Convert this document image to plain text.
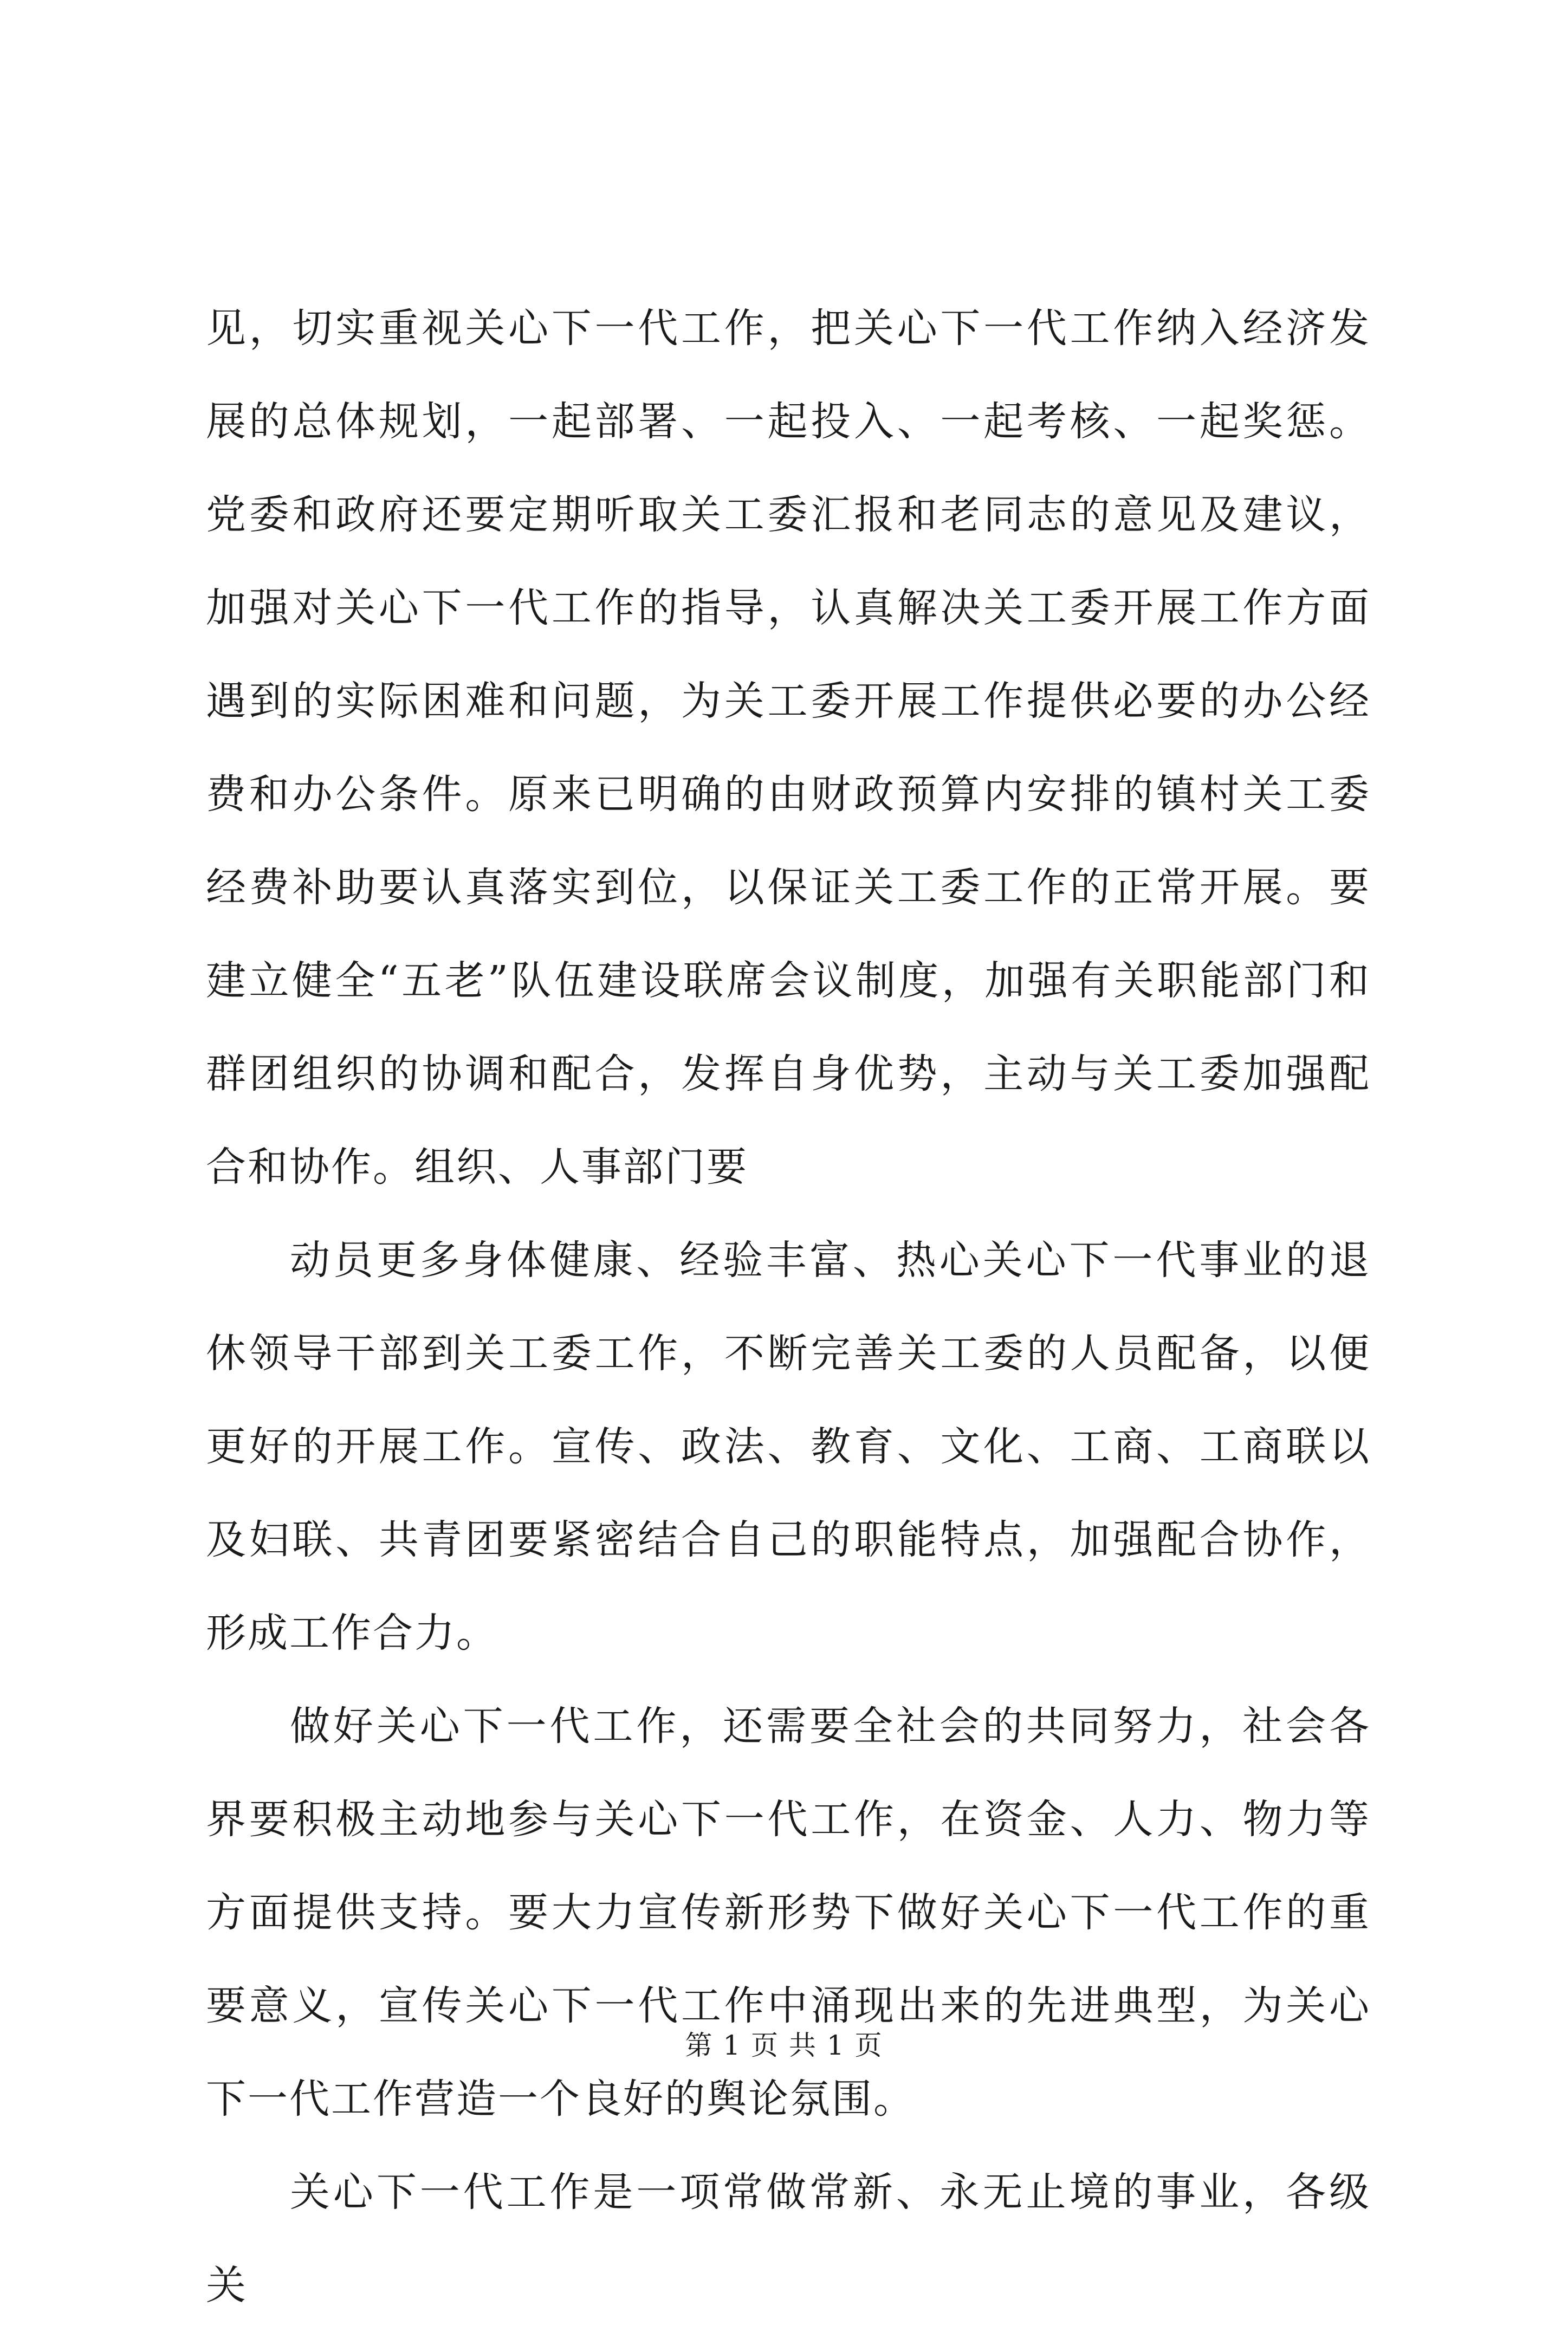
见，切实重视关心下一代工作，把关心下一代工作纳入经济发展的总体规划，一起部署、一起投入、一起考核、一起奖惩。党委和政府还要定期听取关工委汇报和老同志的意见及建议，加强对关心下一代工作的指导，认真解决关工委开展工作方面遇到的实际困难和问题，为关工委开展工作提供必要的办公经费和办公条件。原来已明确的由财政预算内安排的镇村关工委经费补助要认真落实到位，以保证关工委工作的正常开展。要建立健全“五老”队伍建设联席会议制度，加强有关职能部门和群团组织的协调和配合，发挥自身优势，主动与关工委加强配合和协作。组织、人事部门要

动员更多身体健康、经验丰富、热心关心下一代事业的退休领导干部到关工委工作，不断完善关工委的人员配备，以便更好的开展工作。宣传、政法、教育、文化、工商、工商联以及妇联、共青团要紧密结合自己的职能特点，加强配合协作，形成工作合力。

做好关心下一代工作，还需要全社会的共同努力，社会各界要积极主动地参与关心下一代工作，在资金、人力、物力等方面提供支持。要大力宣传新形势下做好关心下一代工作的重要意义，宣传关心下一代工作中涌现出来的先进典型，为关心下一代工作营造一个良好的舆论氛围。

关心下一代工作是一项常做常新、永无止境的事业，各级关

第 1 页 共 1 页
